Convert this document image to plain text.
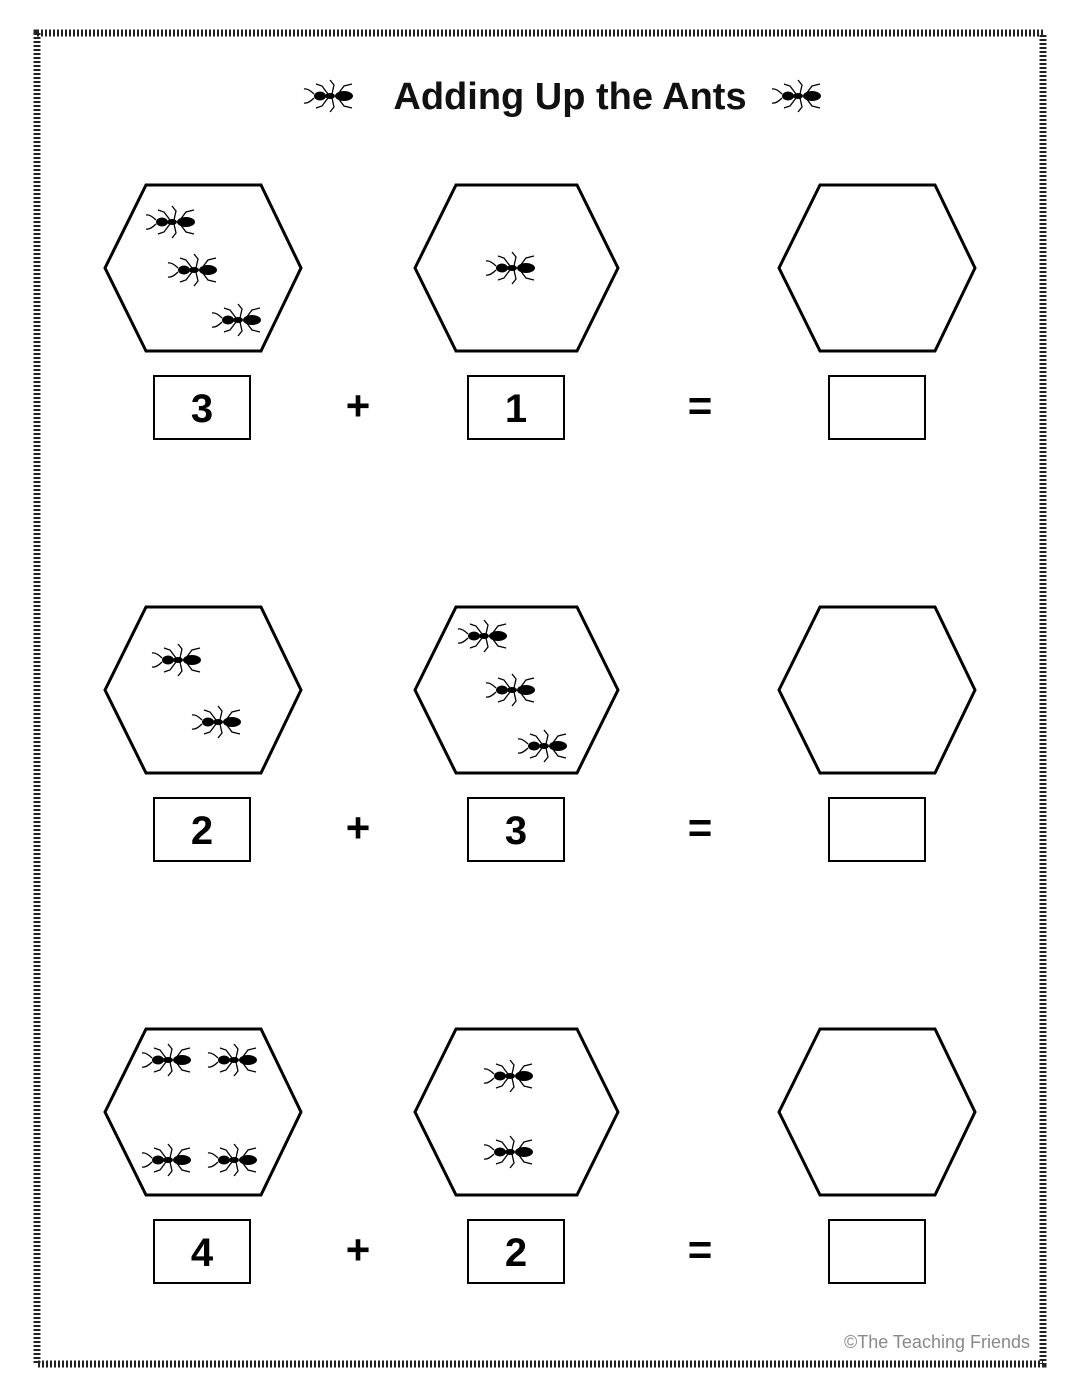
Adding Up the Ants
3	+	1	=
2	+	3	=
4	+	2	=
©The Teaching Friends
